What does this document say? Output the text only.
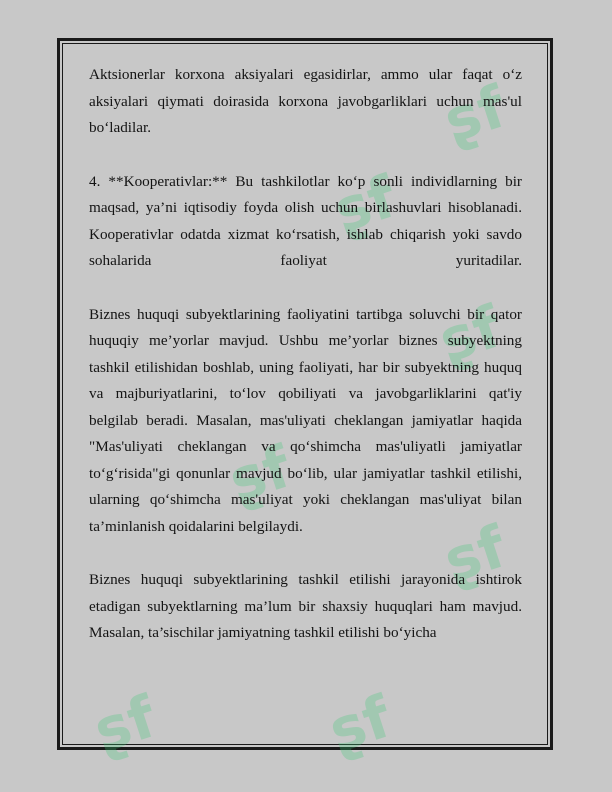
ʂf
ʂf
ʂf
ʂf
ʂf
ʂf	ʂf

Aktsionerlar korxona aksiyalari egasidirlar, ammo ular faqat o‘z aksiyalari qiymati doirasida korxona javobgarliklari uchun mas'ul bo‘ladilar.

4. **Kooperativlar:** Bu tashkilotlar ko‘p sonli individlarning bir maqsad, ya’ni iqtisodiy foyda olish uchun birlashuvlari hisoblanadi. Kooperativlar odatda xizmat ko‘rsatish, ishlab chiqarish yoki savdo sohalarida faoliyat yuritadilar.

Biznes huquqi subyektlarining faoliyatini tartibga soluvchi bir qator huquqiy me’yorlar mavjud. Ushbu me’yorlar biznes subyektning tashkil etilishidan boshlab, uning faoliyati, har bir subyektning huquq va majburiyatlarini, to‘lov qobiliyati va javobgarliklarini qat'iy belgilab beradi. Masalan, mas'uliyati cheklangan jamiyatlar haqida "Mas'uliyati cheklangan va qo‘shimcha mas'uliyatli jamiyatlar to‘g‘risida"gi qonunlar mavjud bo‘lib, ular jamiyatlar tashkil etilishi, ularning qo‘shimcha mas'uliyat yoki cheklangan mas'uliyat bilan ta’minlanish qoidalarini belgilaydi.

Biznes huquqi subyektlarining tashkil etilishi jarayonida ishtirok etadigan subyektlarning ma’lum bir shaxsiy huquqlari ham mavjud. Masalan, ta’sischilar jamiyatning tashkil etilishi bo‘yicha
